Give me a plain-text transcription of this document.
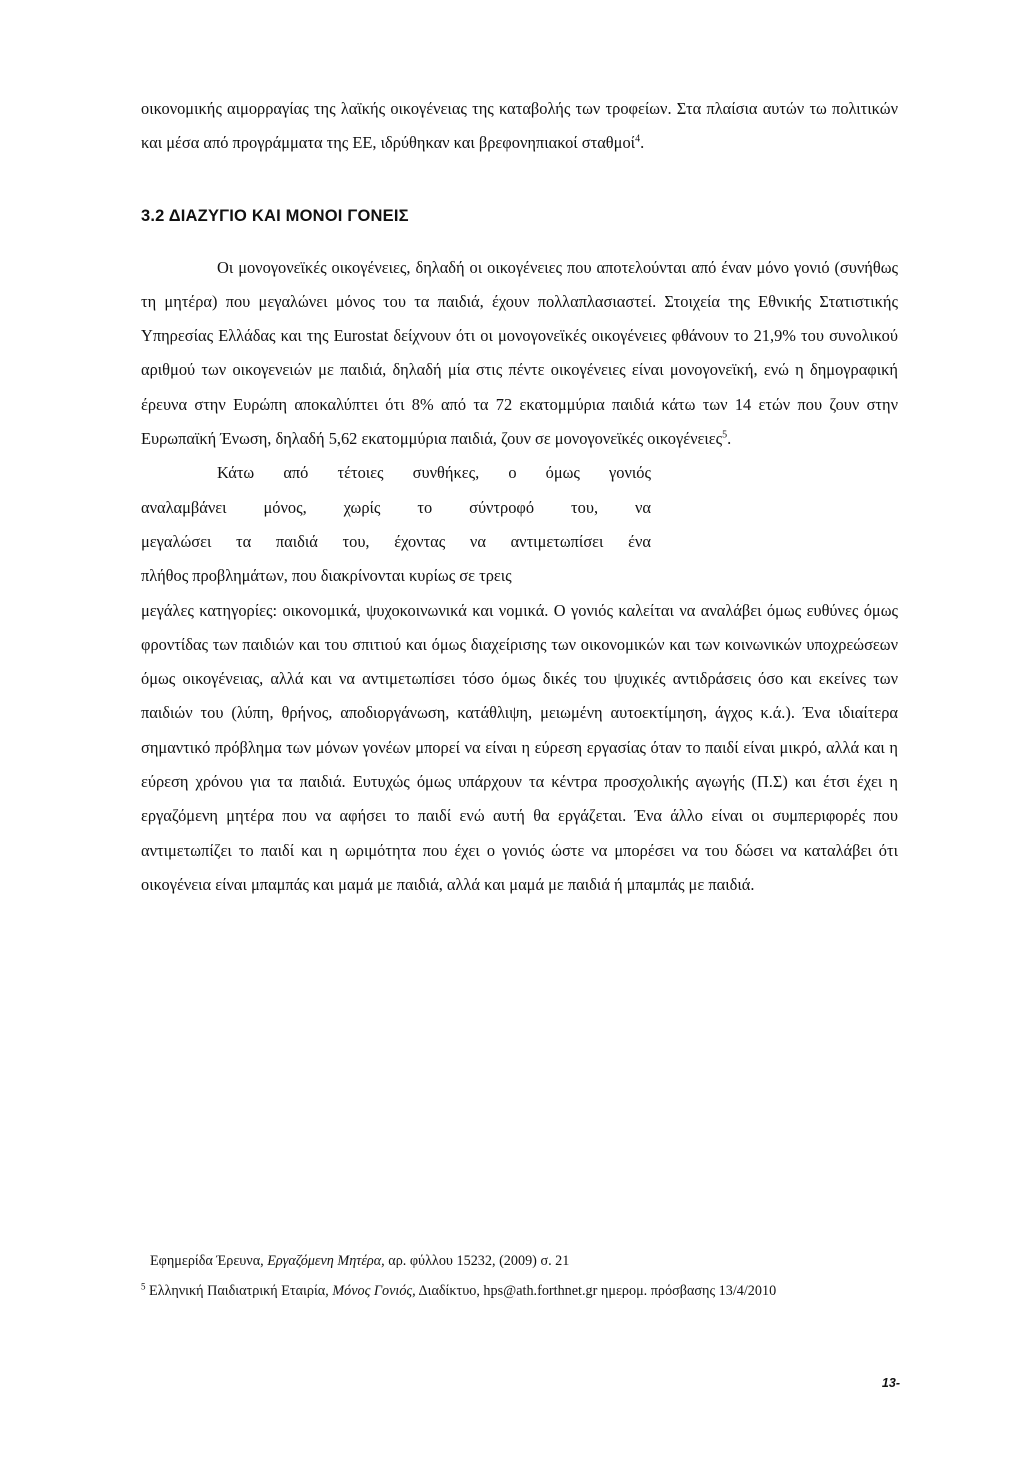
οικονομικής αιμορραγίας της λαϊκής οικογένειας της καταβολής των τροφείων. Στα πλαίσια αυτών τω πολιτικών και μέσα από προγράμματα της ΕΕ, ιδρύθηκαν και βρεφονηπιακοί σταθμοί$^4$.

3.2 ΔΙΑΖΥΓΙΟ ΚΑΙ ΜΟΝΟΙ ΓΟΝΕΙΣ

Οι μονογονεϊκές οικογένειες, δηλαδή οι οικογένειες που αποτελούνται από έναν μόνο γονιό (συνήθως τη μητέρα) που μεγαλώνει μόνος του τα παιδιά, έχουν πολλαπλασιαστεί. Στοιχεία της Εθνικής Στατιστικής Υπηρεσίας Ελλάδας και της Eurostat δείχνουν ότι οι μονογονεϊκές οικογένειες φθάνουν το 21,9% του συνολικού αριθμού των οικογενειών με παιδιά, δηλαδή μία στις πέντε οικογένειες είναι μονογονεϊκή, ενώ η δημογραφική έρευνα στην Ευρώπη αποκαλύπτει ότι 8% από τα 72 εκατομμύρια παιδιά κάτω των 14 ετών που ζουν στην Ευρωπαϊκή Ένωση, δηλαδή 5,62 εκατομμύρια παιδιά, ζουν σε μονογονεϊκές οικογένειες$^5$.

Κάτω από τέτοιες συνθήκες, ο όμως γονιός

αναλαμβάνει μόνος, χωρίς το σύντροφό του, να

μεγαλώσει τα παιδιά του, έχοντας να αντιμετωπίσει ένα

πλήθος προβλημάτων, που διακρίνονται κυρίως σε τρεις

μεγάλες κατηγορίες: οικονομικά, ψυχοκοινωνικά και νομικά. Ο γονιός καλείται να αναλάβει όμως ευθύνες όμως φροντίδας των παιδιών και του σπιτιού και όμως διαχείρισης των οικονομικών και των κοινωνικών υποχρεώσεων όμως οικογένειας, αλλά και να αντιμετωπίσει τόσο όμως δικές του ψυχικές αντιδράσεις όσο και εκείνες των παιδιών του (λύπη, θρήνος, αποδιοργάνωση, κατάθλιψη, μειωμένη αυτοεκτίμηση, άγχος κ.ά.). Ένα ιδιαίτερα σημαντικό πρόβλημα των μόνων γονέων μπορεί να είναι η εύρεση εργασίας όταν το παιδί είναι μικρό, αλλά και η εύρεση χρόνου για τα παιδιά. Ευτυχώς όμως υπάρχουν τα κέντρα προσχολικής αγωγής (Π.Σ) και έτσι έχει η εργαζόμενη μητέρα που να αφήσει το παιδί ενώ αυτή θα εργάζεται. Ένα άλλο είναι οι συμπεριφορές που αντιμετωπίζει το παιδί και η ωριμότητα που έχει ο γονιός ώστε να μπορέσει να του δώσει να καταλάβει ότι οικογένεια είναι μπαμπάς και μαμά με παιδιά, αλλά και μαμά με παιδιά ή μπαμπάς με παιδιά.

Εφημερίδα Έρευνα, Εργαζόμενη Μητέρα, αρ. φύλλου 15232, (2009) σ. 21

$^5$ Ελληνική Παιδιατρική Εταιρία, Μόνος Γονιός, Διαδίκτυο, hps@ath.forthnet.gr ημερομ. πρόσβασης 13/4/2010

13-
